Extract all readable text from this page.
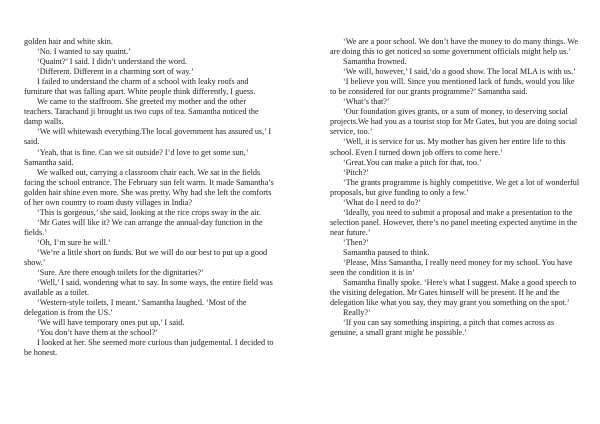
golden hair and white skin.

‘No. I wanted to say quaint.’

‘Quaint?’ I said. I didn’t understand the word.

‘Different. Different in a charming sort of way.’

I failed to understand the charm of a school with leaky roofs and furniture that was falling apart. White people think differently, I guess.

We came to the staffroom. She greeted my mother and the other teachers. Tarachand ji brought us two cups of tea. Samantha noticed the damp walls.

‘We will whitewash everything.The local government has assured us,’ I said.

‘Yeah, that is fine. Can we sit outside? I’d love to get some sun,’ Samantha said.

We walked out, carrying a classroom chair each. We sat in the fields facing the school entrance. The February sun felt warm. It made Samantha’s golden hair shine even more. She was pretty. Why had she left the comforts of her own country to roam dusty villages in India?

‘This is gorgeous,’ she said, looking at the rice crops sway in the air.

‘Mr Gates will like it? We can arrange the annual-day function in the fields.’

‘Oh, I’m sure he will.’

‘We’re a little short on funds. But we will do our best to put up a good show.’

‘Sure. Are there enough toilets for the dignitaries?’

‘Well,’ I said, wondering what to say. In some ways, the entire field was available as a toilet.

‘Western-style toilets, I meant.’ Samantha laughed. ‘Most of the delegation is from the US.’

‘We will have temporary ones put up,’ I said.

‘You don’t have them at the school?’

I looked at her. She seemed more curious than judgemental. I decided to be honest.

‘We are a poor school. We don’t have the money to do many things. We are doing this to get noticed so some government officials might help us.’

Samantha frowned.

‘We will, however,’ I said,‘do a good show. The local MLA is with us.’

‘I believe you will. Since you mentioned lack of funds, would you like to be considered for our grants programme?’ Samantha said.

‘What’s that?’

‘Our foundation gives grants, or a sum of money, to deserving social projects.We had you as a tourist stop for Mr Gates, but you are doing social service, too.’

‘Well, it is service for us. My mother has given her entire life to this school. Even I turned down job offers to come here.’

‘Great.You can make a pitch for that, too.’

‘Pitch?’

‘The grants programme is highly competitive. We get a lot of wonderful proposals, but give funding to only a few.’

‘What do I need to do?’

‘Ideally, you need to submit a proposal and make a presentation to the selection panel. However, there’s no panel meeting expected anytime in the near future.’

‘Then?’

Samantha paused to think.

‘Please, Miss Samantha, I really need money for my school. You have seen the condition it is in’

Samantha finally spoke. ‘Here's what I suggest. Make a good speech to the visiting delegation. Mr Gates himself will be present. If he and the delegation like what you say, they may grant you something on the spot.’

Really?’

‘If you can say something inspiring, a pitch that comes across as genuine, a small grant might be possible.’
